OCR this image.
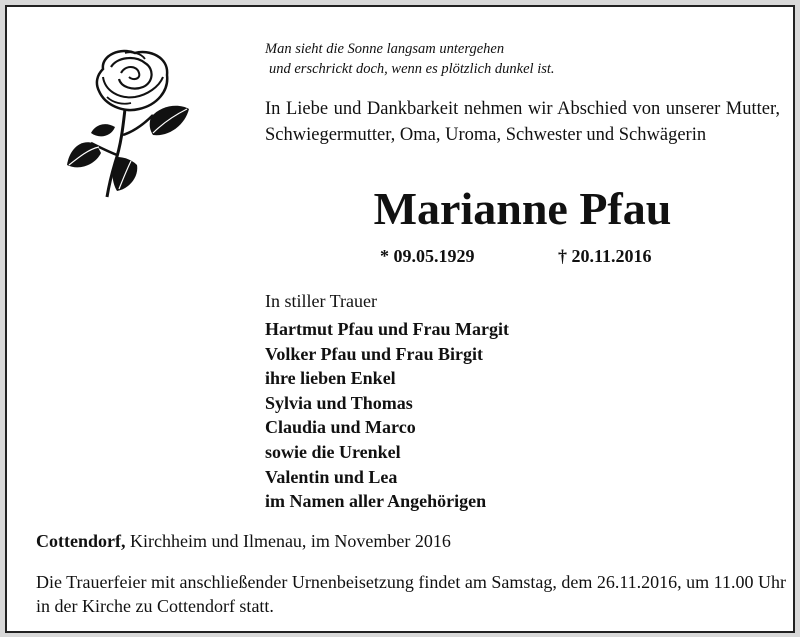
Man sieht die Sonne langsam untergehen
und erschrickt doch, wenn es plötzlich dunkel ist.
In Liebe und Dankbarkeit nehmen wir Abschied von unserer Mutter, Schwiegermutter, Oma, Uroma, Schwester und Schwägerin
Marianne Pfau
* 09.05.1929	† 20.11.2016
In stiller Trauer
Hartmut Pfau und Frau Margit
Volker Pfau und Frau Birgit
ihre lieben Enkel
Sylvia und Thomas
Claudia und Marco
sowie die Urenkel
Valentin und Lea
im Namen aller Angehörigen
Cottendorf, Kirchheim und Ilmenau, im November 2016
Die Trauerfeier mit anschließender Urnenbeisetzung findet am Samstag, dem 26.11.2016, um 11.00 Uhr in der Kirche zu Cottendorf statt.
